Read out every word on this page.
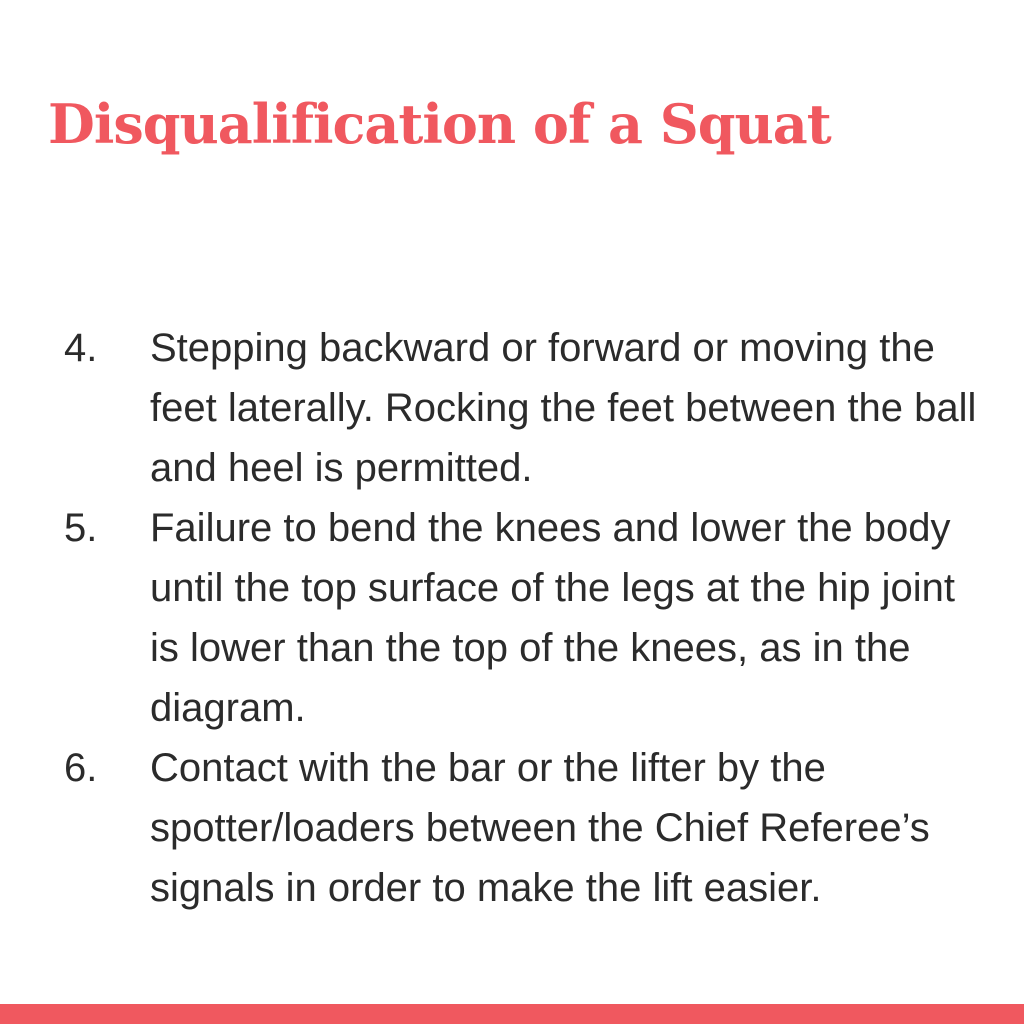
Disqualification of a Squat
4. Stepping backward or forward or moving the feet laterally. Rocking the feet between the ball and heel is permitted.
5. Failure to bend the knees and lower the body until the top surface of the legs at the hip joint is lower than the top of the knees, as in the diagram.
6. Contact with the bar or the lifter by the spotter/loaders between the Chief Referee’s signals in order to make the lift easier.
